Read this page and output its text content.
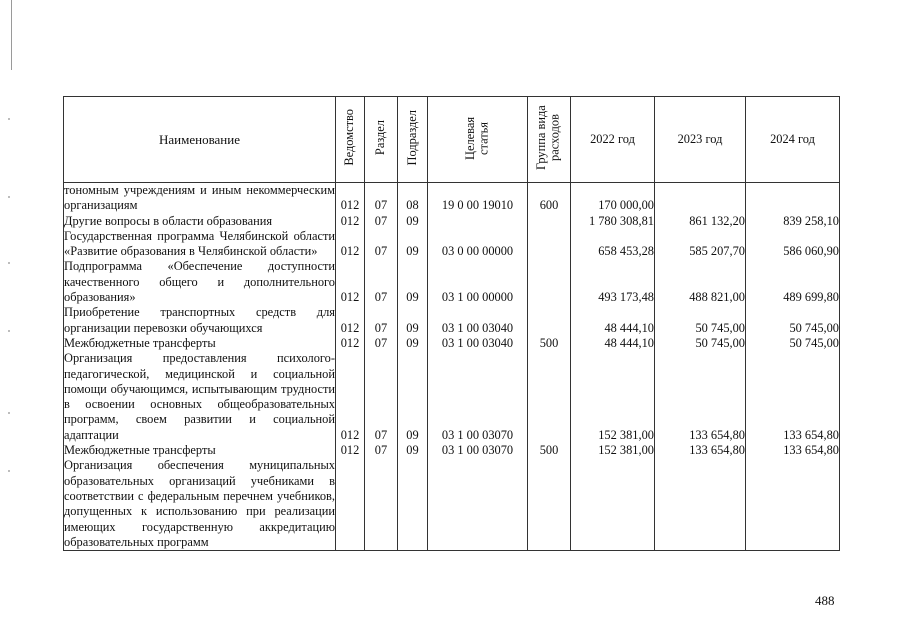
Наименование	Ведомство	Раздел	Подраздел	Целевая статья	Группа вида расходов	2022 год	2023 год	2024 год
тономным учреждениям и иным некоммерческим организациям	012	07	08	19 0 00 19010	600	170 000,00		
Другие вопросы в области образования	012	07	09			1 780 308,81	861 132,20	839 258,10
Государственная программа Челябинской области «Развитие образования в Челябинской области»	012	07	09	03 0 00 00000		658 453,28	585 207,70	586 060,90
Подпрограмма «Обеспечение доступности качественного общего и дополнительного образования»	012	07	09	03 1 00 00000		493 173,48	488 821,00	489 699,80
Приобретение транспортных средств для организации перевозки обучающихся	012	07	09	03 1 00 03040		48 444,10	50 745,00	50 745,00
Межбюджетные трансферты	012	07	09	03 1 00 03040	500	48 444,10	50 745,00	50 745,00
Организация предоставления психолого-педагогической, медицинской и социальной помощи обучающимся, испытывающим трудности в освоении основных общеобразовательных программ, своем развитии и социальной адаптации	012	07	09	03 1 00 03070		152 381,00	133 654,80	133 654,80
Межбюджетные трансферты	012	07	09	03 1 00 03070	500	152 381,00	133 654,80	133 654,80
Организация обеспечения муниципальных образовательных организаций учебниками в соответствии с федеральным перечнем учебников, допущенных к использованию при реализации имеющих государственную аккредитацию образовательных программ								
488
